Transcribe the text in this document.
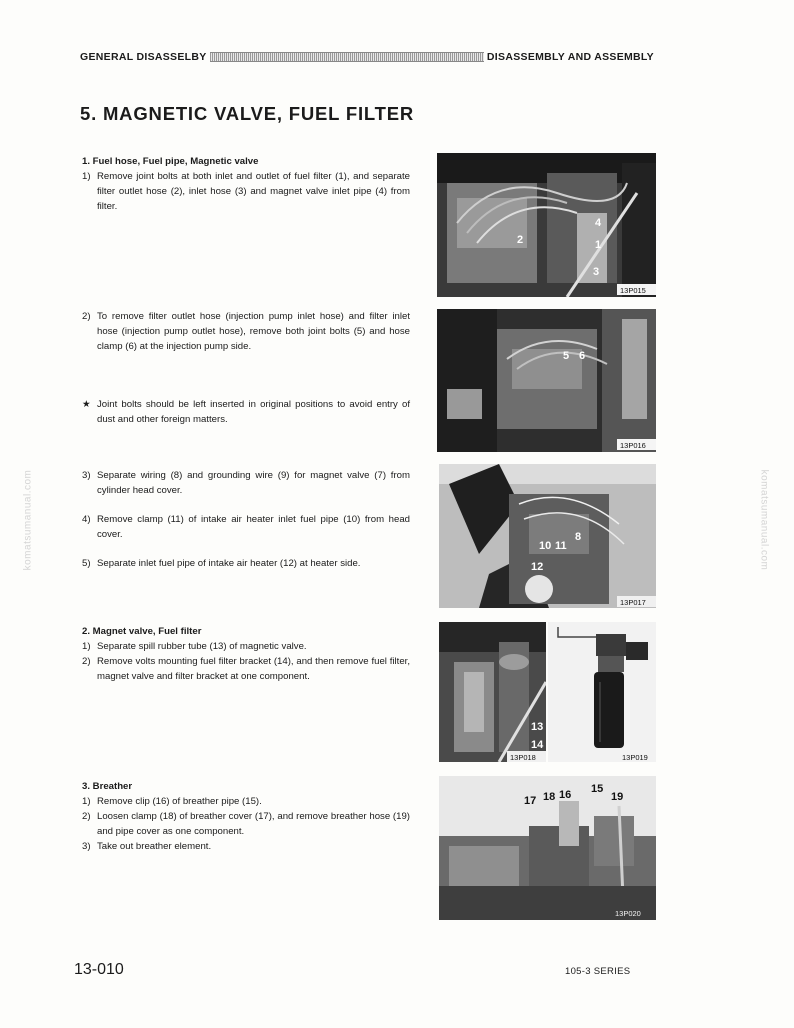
GENERAL DISASSELBY	DISASSEMBLY AND ASSEMBLY
5. MAGNETIC VALVE, FUEL FILTER

1. Fuel hose, Fuel pipe, Magnetic valve

1) Remove joint bolts at both inlet and outlet of fuel filter (1), and separate filter outlet hose (2), inlet hose (3) and magnet valve inlet pipe (4) from filter.
2) To remove filter outlet hose (injection pump inlet hose) and filter inlet hose (injection pump outlet hose), remove both joint bolts (5) and hose clamp (6) at the injection pump side.
★ Joint bolts should be left inserted in original positions to avoid entry of dust and other foreign matters.
3) Separate wiring (8) and grounding wire (9) for magnet valve (7) from cylinder head cover.
4) Remove clamp (11) of intake air heater inlet fuel pipe (10) from head cover.
5) Separate inlet fuel pipe of intake air heater (12) at heater side.

2. Magnet valve, Fuel filter

1) Separate spill rubber tube (13) of magnetic valve.
2) Remove volts mounting fuel filter bracket (14), and then remove fuel filter, magnet valve and filter bracket at one component.

3. Breather

1) Remove clip (16) of breather pipe (15).
2) Loosen clamp (18) of breather cover (17), and remove breather hose (19) and pipe cover as one component.
3) Take out breather element.
2
4
1
3
13P015
5 6
13P016
10 11
8
12
13P017
13
14
13P018	13P019
17 18 16 15
19
13P020
13-010	105-3 SERIES
komatsumanual.com	komatsumanual.com
